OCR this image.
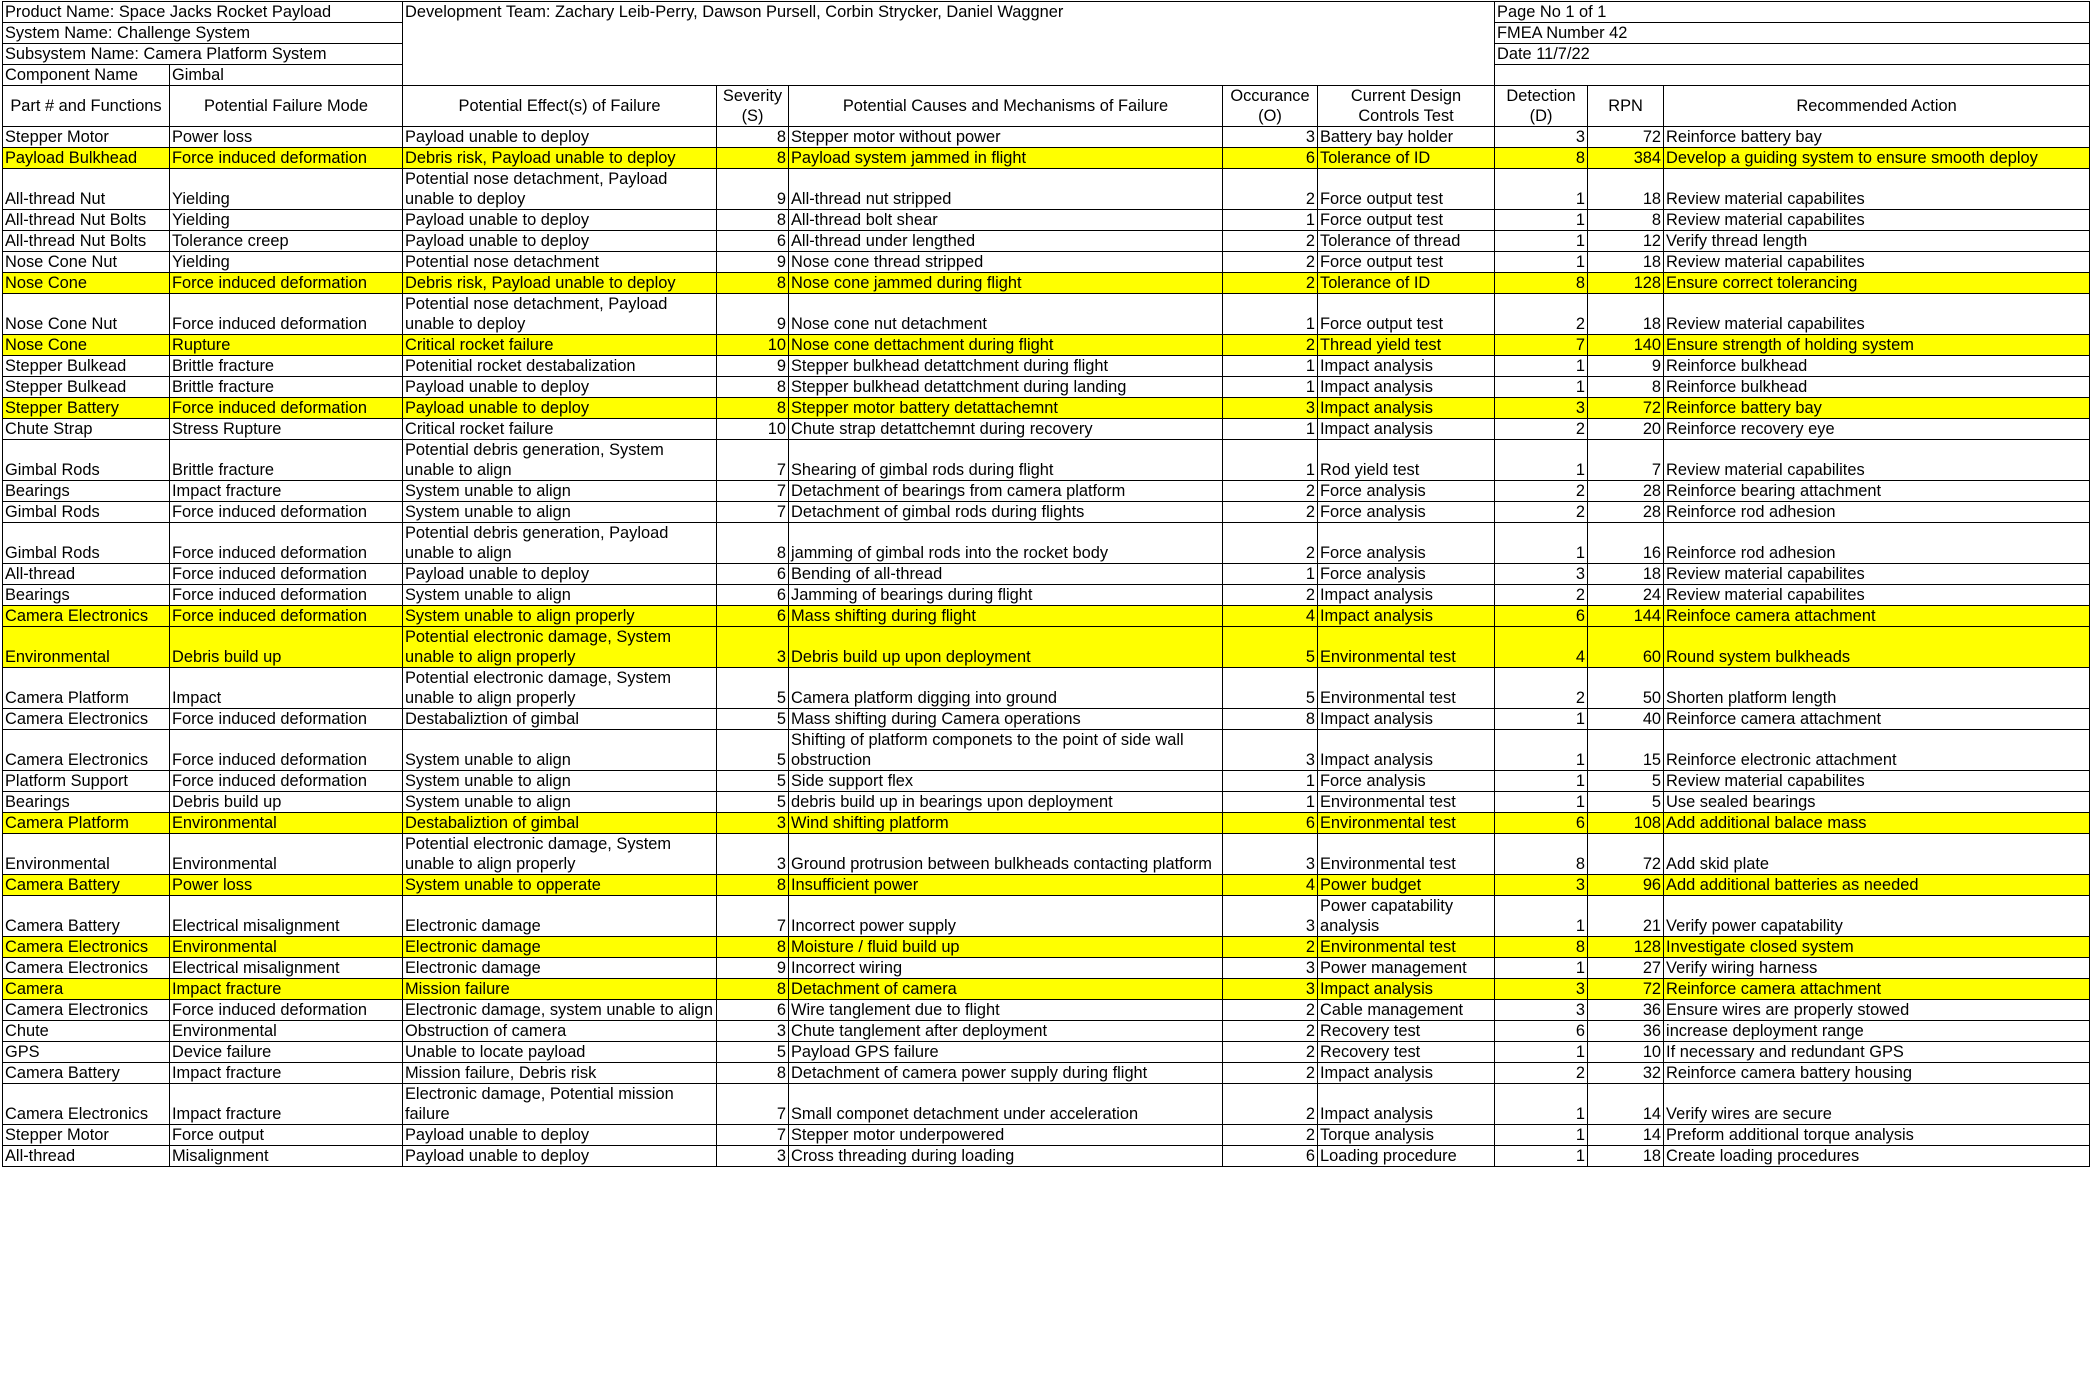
Product Name: Space Jacks Rocket Payload		Development Team: Zachary Leib-Perry, Dawson Pursell, Corbin Strycker, Daniel Waggner					Page No 1 of 1		
System Name: Challenge System							FMEA Number 42		
Subsystem Name: Camera Platform System							Date 11/7/22		
Component Name	Gimbal								
Part # and Functions	Potential Failure Mode	Potential Effect(s) of Failure	Severity (S)	Potential Causes and Mechanisms of Failure	Occurance (O)	Current Design Controls Test	Detection (D)	RPN	Recommended Action
Stepper Motor	Power loss	Payload unable to deploy	8	Stepper motor without power	3	Battery bay holder	3	72	Reinforce battery bay
Payload Bulkhead	Force induced deformation	Debris risk, Payload unable to deploy	8	Payload system jammed in flight	6	Tolerance of ID	8	384	Develop a guiding system to ensure smooth deploy
All-thread Nut	Yielding	Potential nose detachment, Payload unable to deploy	9	All-thread nut stripped	2	Force output test	1	18	Review material capabilites
All-thread Nut Bolts	Yielding	Payload unable to deploy	8	All-thread bolt shear	1	Force output test	1	8	Review material capabilites
All-thread Nut Bolts	Tolerance creep	Payload unable to deploy	6	All-thread under lengthed	2	Tolerance of thread	1	12	Verify thread length
Nose Cone Nut	Yielding	Potential nose detachment	9	Nose cone thread stripped	2	Force output test	1	18	Review material capabilites
Nose Cone	Force induced deformation	Debris risk, Payload unable to deploy	8	Nose cone jammed during flight	2	Tolerance of ID	8	128	Ensure correct tolerancing
Nose Cone Nut	Force induced deformation	Potential nose detachment, Payload unable to deploy	9	Nose cone nut detachment	1	Force output test	2	18	Review material capabilites
Nose Cone	Rupture	Critical rocket failure	10	Nose cone dettachment during flight	2	Thread yield test	7	140	Ensure strength of holding system
Stepper Bulkead	Brittle fracture	Potenitial rocket destabalization	9	Stepper bulkhead detattchment during flight	1	Impact analysis	1	9	Reinforce bulkhead
Stepper Bulkead	Brittle fracture	Payload unable to deploy	8	Stepper bulkhead detattchment during landing	1	Impact analysis	1	8	Reinforce bulkhead
Stepper Battery	Force induced deformation	Payload unable to deploy	8	Stepper motor battery detattachemnt	3	Impact analysis	3	72	Reinforce battery bay
Chute Strap	Stress Rupture	Critical rocket failure	10	Chute strap detattchemnt during recovery	1	Impact analysis	2	20	Reinforce recovery eye
Gimbal Rods	Brittle fracture	Potential debris generation, System unable to align	7	Shearing of gimbal rods during flight	1	Rod yield test	1	7	Review material capabilites
Bearings	Impact fracture	System unable to align	7	Detachment of bearings from camera platform	2	Force analysis	2	28	Reinforce bearing attachment
Gimbal Rods	Force induced deformation	System unable to align	7	Detachment of gimbal rods during flights	2	Force analysis	2	28	Reinforce rod adhesion
Gimbal Rods	Force induced deformation	Potential debris generation, Payload unable to align	8	jamming of gimbal rods into the rocket body	2	Force analysis	1	16	Reinforce rod adhesion
All-thread	Force induced deformation	Payload unable to deploy	6	Bending of all-thread	1	Force analysis	3	18	Review material capabilites
Bearings	Force induced deformation	System unable to align	6	Jamming of bearings during flight	2	Impact analysis	2	24	Review material capabilites
Camera Electronics	Force induced deformation	System unable to align properly	6	Mass shifting during flight	4	Impact analysis	6	144	Reinfoce camera attachment
Environmental	Debris build up	Potential electronic damage, System unable to align properly	3	Debris build up upon deployment	5	Environmental test	4	60	Round system bulkheads
Camera Platform	Impact	Potential electronic damage, System unable to align properly	5	Camera platform digging into ground	5	Environmental test	2	50	Shorten platform length
Camera Electronics	Force induced deformation	Destabaliztion of gimbal	5	Mass shifting during Camera operations	8	Impact analysis	1	40	Reinforce camera attachment
Camera Electronics	Force induced deformation	System unable to align	5	Shifting of platform componets to the point of side wall obstruction	3	Impact analysis	1	15	Reinforce electronic attachment
Platform Support	Force induced deformation	System unable to align	5	Side support flex	1	Force analysis	1	5	Review material capabilites
Bearings	Debris build up	System unable to align	5	debris build up in bearings upon deployment	1	Environmental test	1	5	Use sealed bearings
Camera Platform	Environmental	Destabaliztion of gimbal	3	Wind shifting platform	6	Environmental test	6	108	Add additional balace mass
Environmental	Environmental	Potential electronic damage, System unable to align properly	3	Ground protrusion between bulkheads contacting platform	3	Environmental test	8	72	Add skid plate
Camera Battery	Power loss	System unable to opperate	8	Insufficient power	4	Power budget	3	96	Add additional batteries as needed
Camera Battery	Electrical misalignment	Electronic damage	7	Incorrect power supply	3	Power capatability analysis	1	21	Verify power capatability
Camera Electronics	Environmental	Electronic damage	8	Moisture / fluid build up	2	Environmental test	8	128	Investigate closed system
Camera Electronics	Electrical misalignment	Electronic damage	9	Incorrect wiring	3	Power management	1	27	Verify wiring harness
Camera	Impact fracture	Mission failure	8	Detachment of camera	3	Impact analysis	3	72	Reinforce camera attachment
Camera Electronics	Force induced deformation	Electronic damage, system unable to align	6	Wire tanglement due to flight	2	Cable management	3	36	Ensure wires are properly stowed
Chute	Environmental	Obstruction of camera	3	Chute tanglement after deployment	2	Recovery test	6	36	increase deployment range
GPS	Device failure	Unable to locate payload	5	Payload GPS failure	2	Recovery test	1	10	If necessary and redundant GPS
Camera Battery	Impact fracture	Mission failure, Debris risk	8	Detachment of camera power supply during flight	2	Impact analysis	2	32	Reinforce camera battery housing
Camera Electronics	Impact fracture	Electronic damage, Potential mission failure	7	Small componet detachment under acceleration	2	Impact analysis	1	14	Verify wires are secure
Stepper Motor	Force output	Payload unable to deploy	7	Stepper motor underpowered	2	Torque analysis	1	14	Preform additional torque analysis
All-thread	Misalignment	Payload unable to deploy	3	Cross threading during loading	6	Loading procedure	1	18	Create loading procedures
